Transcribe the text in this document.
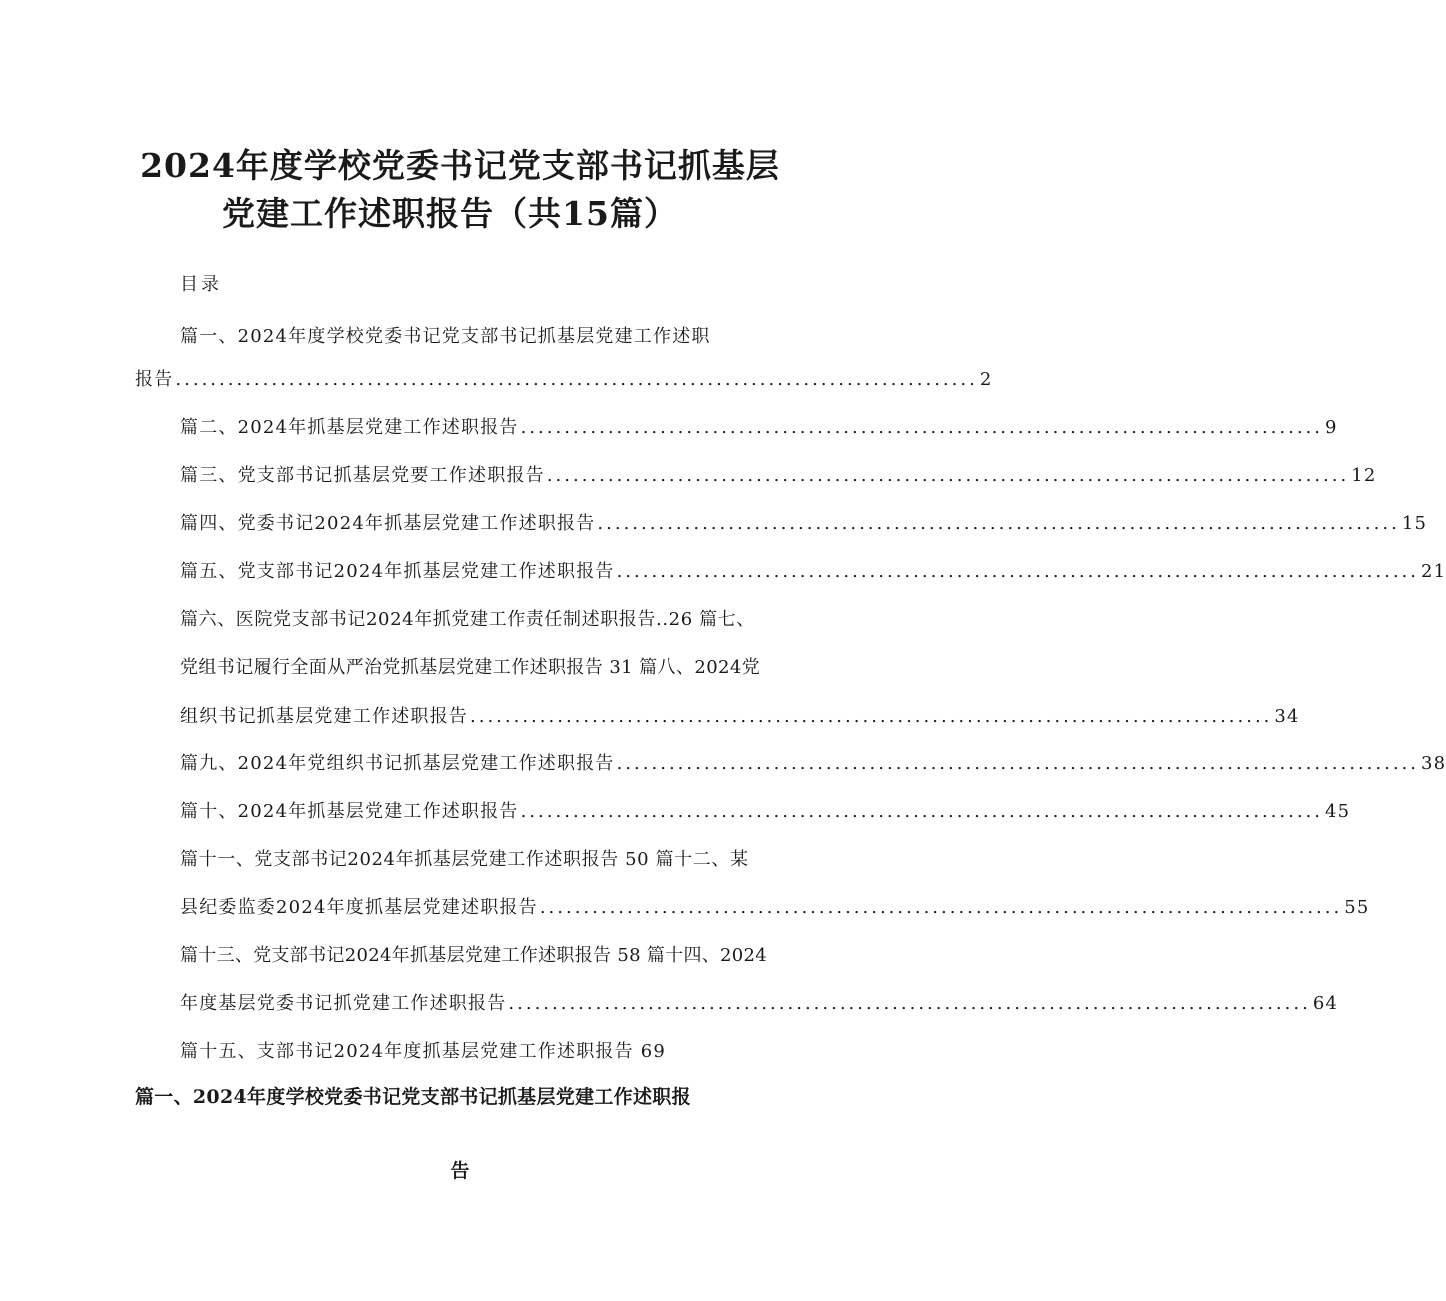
2024年度学校党委书记党支部书记抓基层
党建工作述职报告（共15篇）
目录
篇一、2024年度学校党委书记党支部书记抓基层党建工作述职
报告 ............................................................................................ 2
篇二、2024年抓基层党建工作述职报告 ............................................................................................ 9
篇三、党支部书记抓基层党要工作述职报告 ............................................................................................ 12
篇四、党委书记2024年抓基层党建工作述职报告 ............................................................................................ 15
篇五、党支部书记2024年抓基层党建工作述职报告 ............................................................................................ 21
篇六、医院党支部书记2024年抓党建工作责任制述职报告..26 篇七、
党组书记履行全面从严治党抓基层党建工作述职报告 31 篇八、2024党
组织书记抓基层党建工作述职报告 ............................................................................................ 34
篇九、2024年党组织书记抓基层党建工作述职报告 ............................................................................................ 38
篇十、2024年抓基层党建工作述职报告 ............................................................................................ 45
篇十一、党支部书记2024年抓基层党建工作述职报告 50 篇十二、某
县纪委监委2024年度抓基层党建述职报告 ............................................................................................ 55
篇十三、党支部书记2024年抓基层党建工作述职报告 58 篇十四、2024
年度基层党委书记抓党建工作述职报告 ............................................................................................ 64
篇十五、支部书记2024年度抓基层党建工作述职报告 69
篇一、2024年度学校党委书记党支部书记抓基层党建工作述职报
告
